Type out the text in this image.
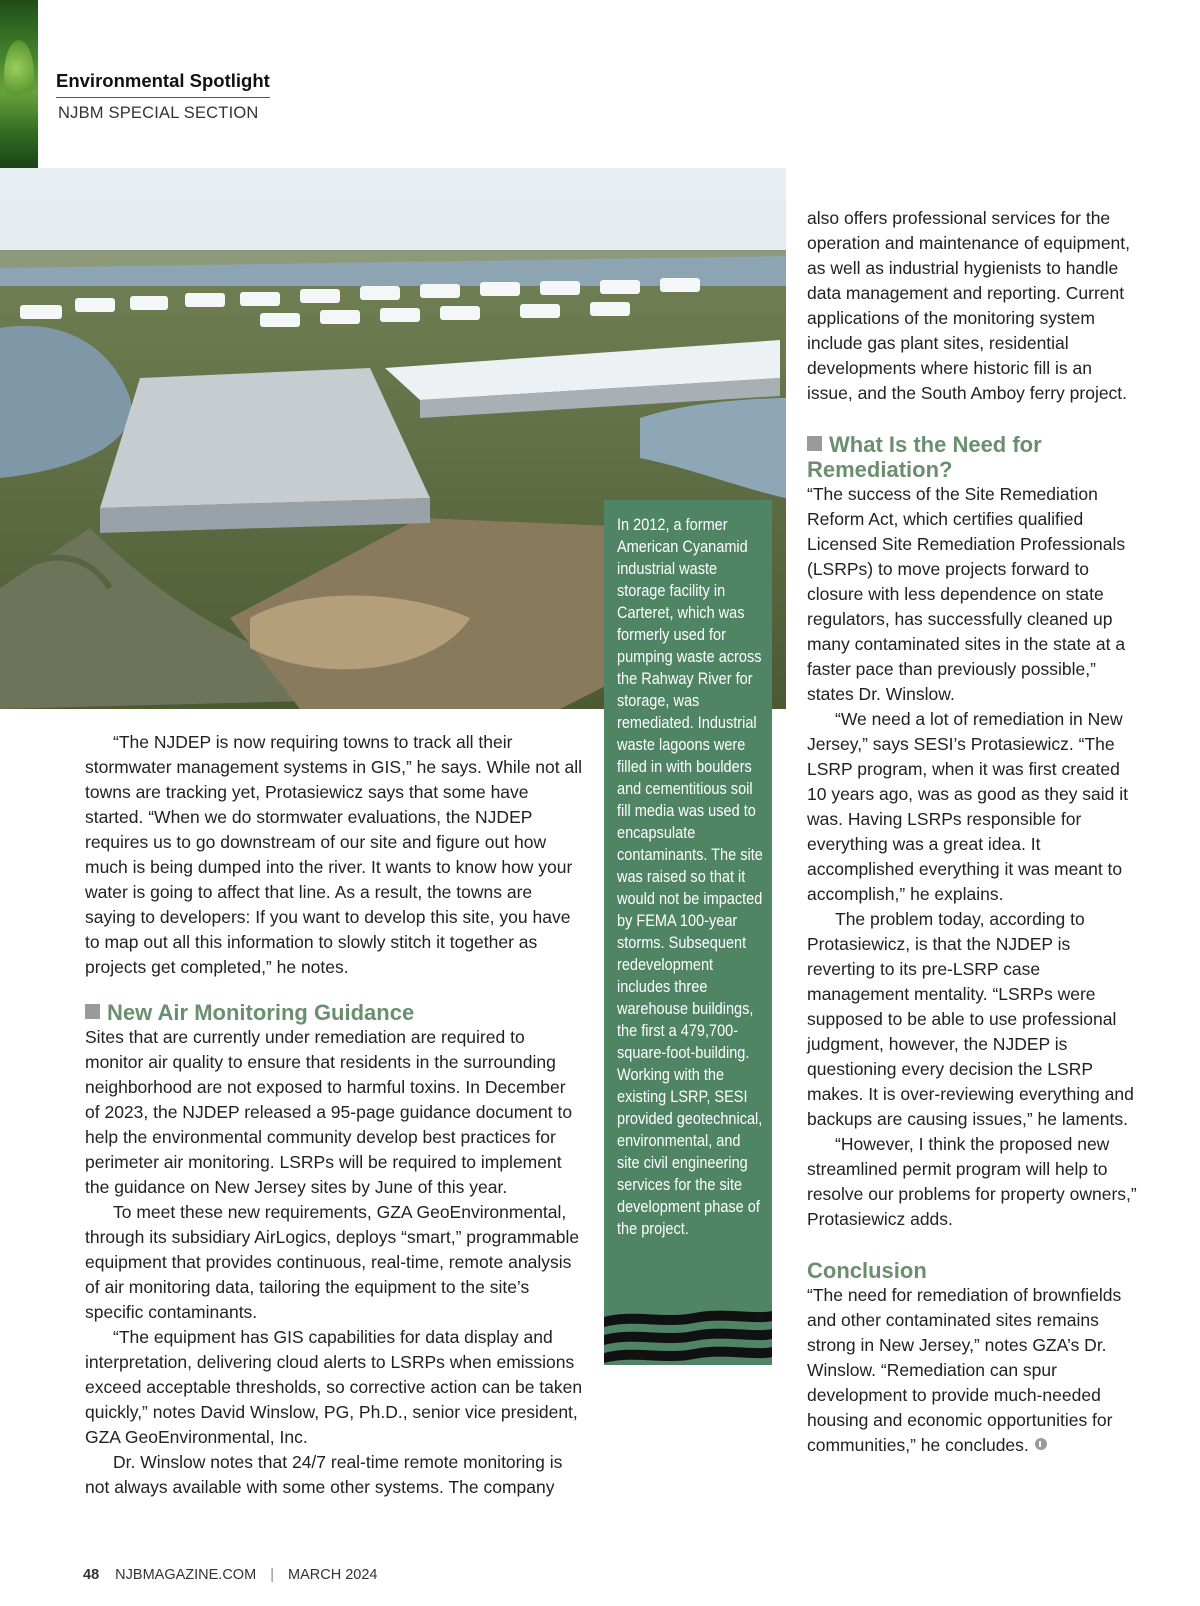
Environmental Spotlight
NJBM SPECIAL SECTION

“The NJDEP is now requiring towns to track all their stormwater management systems in GIS,” he says. While not all towns are tracking yet, Protasiewicz says that some have started. “When we do stormwater evaluations, the NJDEP requires us to go downstream of our site and figure out how much is being dumped into the river. It wants to know how your water is going to affect that line. As a result, the towns are saying to developers: If you want to develop this site, you have to map out all this information to slowly stitch it together as projects get completed,” he notes.

New Air Monitoring Guidance

Sites that are currently under remediation are required to monitor air quality to ensure that residents in the surrounding neighborhood are not exposed to harmful toxins. In December of 2023, the NJDEP released a 95-page guidance document to help the environmental community develop best practices for perimeter air monitoring. LSRPs will be required to implement the guidance on New Jersey sites by June of this year.

To meet these new requirements, GZA GeoEnvironmental, through its subsidiary AirLogics, deploys “smart,” programmable equipment that provides continuous, real-time, remote analysis of air monitoring data, tailoring the equipment to the site’s specific contaminants.

“The equipment has GIS capabilities for data display and interpretation, delivering cloud alerts to LSRPs when emissions exceed acceptable thresholds, so corrective action can be taken quickly,” notes David Winslow, PG, Ph.D., senior vice president, GZA GeoEnvironmental, Inc.

Dr. Winslow notes that 24/7 real-time remote monitoring is not always available with some other systems. The company

In 2012, a former American Cyanamid industrial waste storage facility in Carteret, which was formerly used for pumping waste across the Rahway River for storage, was remediated. Industrial waste lagoons were filled in with boulders and cementitious soil fill media was used to encapsulate contaminants. The site was raised so that it would not be impacted by FEMA 100-year storms. Subsequent redevelopment includes three warehouse buildings, the first a 479,700-square-foot-building. Working with the existing LSRP, SESI provided geotechnical, environmental, and site civil engineering services for the site development phase of the project.

also offers professional services for the operation and maintenance of equipment, as well as industrial hygienists to handle data management and reporting. Current applications of the monitoring system include gas plant sites, residential developments where historic fill is an issue, and the South Amboy ferry project.

What Is the Need for Remediation?

“The success of the Site Remediation Reform Act, which certifies qualified Licensed Site Remediation Professionals (LSRPs) to move projects forward to closure with less dependence on state regulators, has successfully cleaned up many contaminated sites in the state at a faster pace than previously possible,” states Dr. Winslow.

“We need a lot of remediation in New Jersey,” says SESI’s Protasiewicz. “The LSRP program, when it was first created 10 years ago, was as good as they said it was. Having LSRPs responsible for everything was a great idea. It accomplished everything it was meant to accomplish,” he explains.

The problem today, according to Protasiewicz, is that the NJDEP is reverting to its pre-LSRP case management mentality. “LSRPs were supposed to be able to use professional judgment, however, the NJDEP is questioning every decision the LSRP makes. It is over-reviewing everything and backups are causing issues,” he laments.

“However, I think the proposed new streamlined permit program will help to resolve our problems for property owners,” Protasiewicz adds.

Conclusion

“The need for remediation of brownfields and other contaminated sites remains strong in New Jersey,” notes GZA’s Dr. Winslow. “Remediation can spur development to provide much-needed housing and economic opportunities for communities,” he concludes.

48 NJBMAGAZINE.COM | MARCH 2024
